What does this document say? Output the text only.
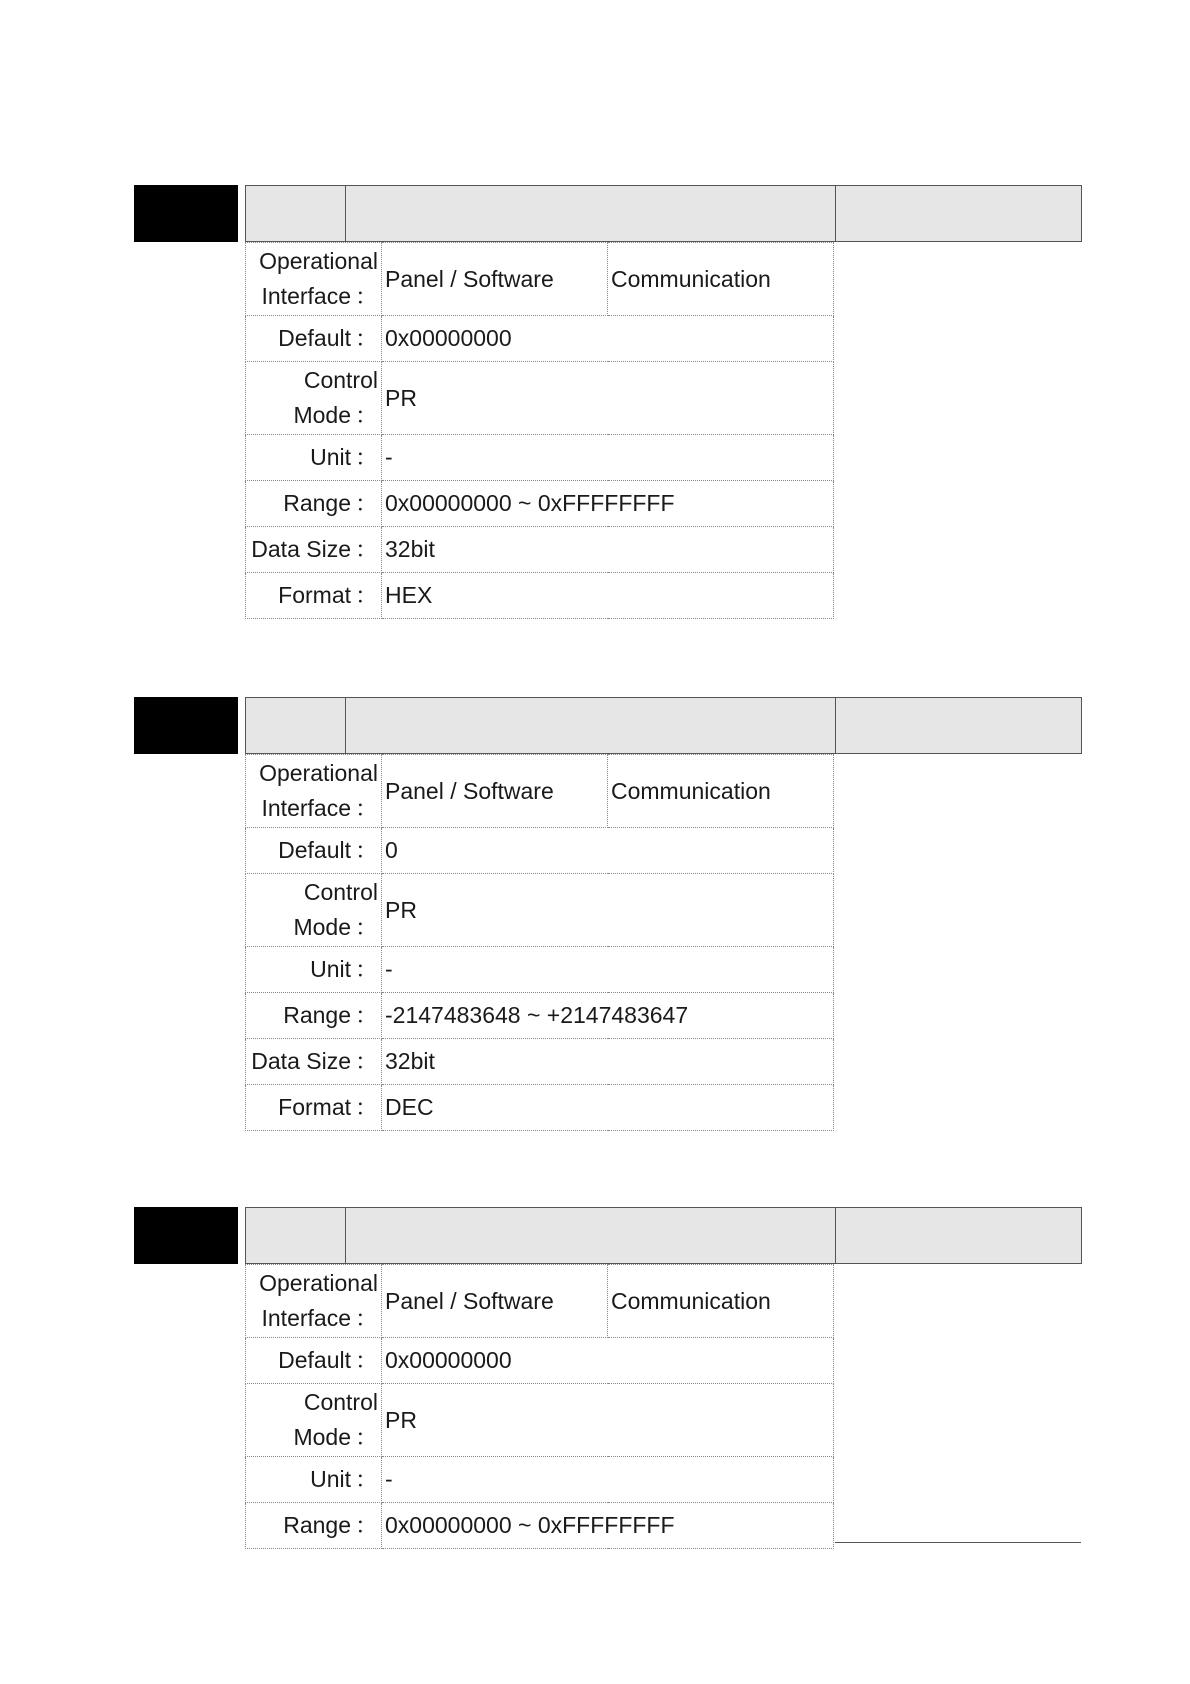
Operational
Interface ：	Panel / Software	Communication
Default ：	0x00000000	

Control
Mode ：	PR	
Unit ：	-	
Range ：	0x00000000 ~ 0xFFFFFFFF	
Data Size ：	32bit	
Format ：	HEX	
Operational
Interface ：	Panel / Software	Communication
Default ：	0	

Control
Mode ：	PR	
Unit ：	-	
Range ：	-2147483648 ~ +2147483647	
Data Size ：	32bit	
Format ：	DEC	
Operational
Interface ：	Panel / Software	Communication
Default ：	0x00000000	

Control
Mode ：	PR	
Unit ：	-	
Range ：	0x00000000 ~ 0xFFFFFFFF	
